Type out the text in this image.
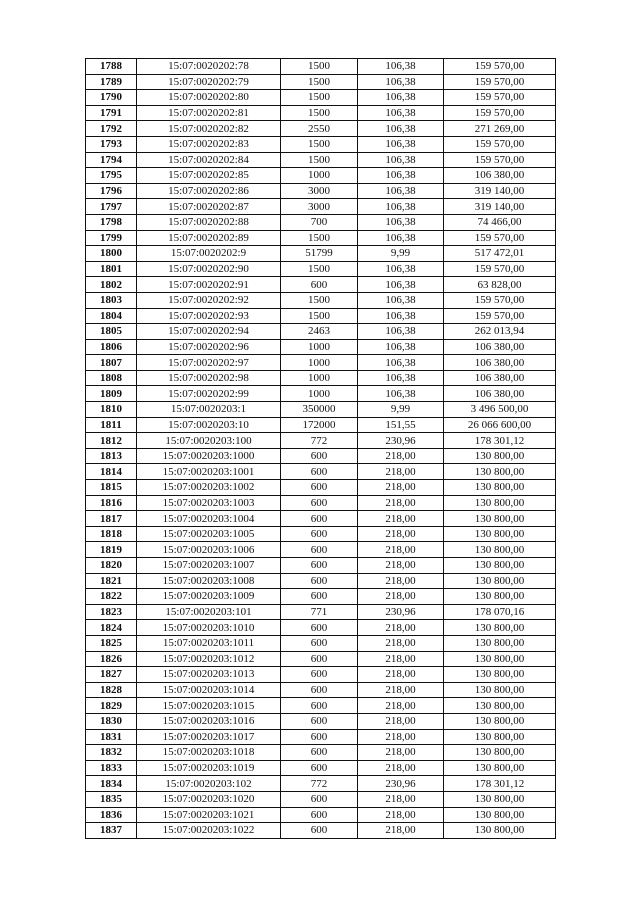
1788	15:07:0020202:78	1500	106,38	159 570,00
1789	15:07:0020202:79	1500	106,38	159 570,00
1790	15:07:0020202:80	1500	106,38	159 570,00
1791	15:07:0020202:81	1500	106,38	159 570,00
1792	15:07:0020202:82	2550	106,38	271 269,00
1793	15:07:0020202:83	1500	106,38	159 570,00
1794	15:07:0020202:84	1500	106,38	159 570,00
1795	15:07:0020202:85	1000	106,38	106 380,00
1796	15:07:0020202:86	3000	106,38	319 140,00
1797	15:07:0020202:87	3000	106,38	319 140,00
1798	15:07:0020202:88	700	106,38	74 466,00
1799	15:07:0020202:89	1500	106,38	159 570,00
1800	15:07:0020202:9	51799	9,99	517 472,01
1801	15:07:0020202:90	1500	106,38	159 570,00
1802	15:07:0020202:91	600	106,38	63 828,00
1803	15:07:0020202:92	1500	106,38	159 570,00
1804	15:07:0020202:93	1500	106,38	159 570,00
1805	15:07:0020202:94	2463	106,38	262 013,94
1806	15:07:0020202:96	1000	106,38	106 380,00
1807	15:07:0020202:97	1000	106,38	106 380,00
1808	15:07:0020202:98	1000	106,38	106 380,00
1809	15:07:0020202:99	1000	106,38	106 380,00
1810	15:07:0020203:1	350000	9,99	3 496 500,00
1811	15:07:0020203:10	172000	151,55	26 066 600,00
1812	15:07:0020203:100	772	230,96	178 301,12
1813	15:07:0020203:1000	600	218,00	130 800,00
1814	15:07:0020203:1001	600	218,00	130 800,00
1815	15:07:0020203:1002	600	218,00	130 800,00
1816	15:07:0020203:1003	600	218,00	130 800,00
1817	15:07:0020203:1004	600	218,00	130 800,00
1818	15:07:0020203:1005	600	218,00	130 800,00
1819	15:07:0020203:1006	600	218,00	130 800,00
1820	15:07:0020203:1007	600	218,00	130 800,00
1821	15:07:0020203:1008	600	218,00	130 800,00
1822	15:07:0020203:1009	600	218,00	130 800,00
1823	15:07:0020203:101	771	230,96	178 070,16
1824	15:07:0020203:1010	600	218,00	130 800,00
1825	15:07:0020203:1011	600	218,00	130 800,00
1826	15:07:0020203:1012	600	218,00	130 800,00
1827	15:07:0020203:1013	600	218,00	130 800,00
1828	15:07:0020203:1014	600	218,00	130 800,00
1829	15:07:0020203:1015	600	218,00	130 800,00
1830	15:07:0020203:1016	600	218,00	130 800,00
1831	15:07:0020203:1017	600	218,00	130 800,00
1832	15:07:0020203:1018	600	218,00	130 800,00
1833	15:07:0020203:1019	600	218,00	130 800,00
1834	15:07:0020203:102	772	230,96	178 301,12
1835	15:07:0020203:1020	600	218,00	130 800,00
1836	15:07:0020203:1021	600	218,00	130 800,00
1837	15:07:0020203:1022	600	218,00	130 800,00
